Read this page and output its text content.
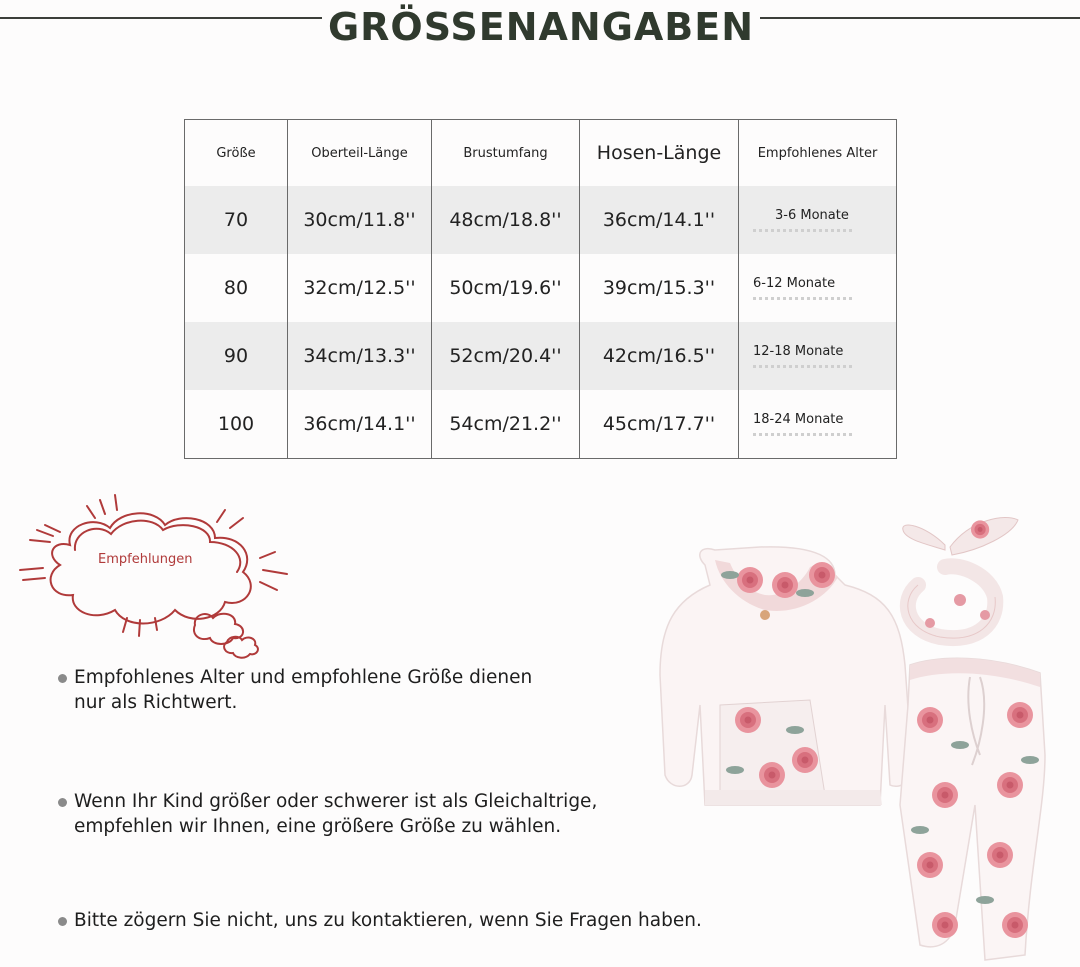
GRÖSSENANGABEN
Größe	Oberteil-Länge	Brustumfang	Hosen-Länge	Empfohlenes Alter
70	30cm/11.8''	48cm/18.8''	36cm/14.1''	3-6 Monate

80	32cm/12.5''	50cm/19.6''	39cm/15.3''	6-12 Monate

90	34cm/13.3''	52cm/20.4''	42cm/16.5''	12-18 Monate

100	36cm/14.1''	54cm/21.2''	45cm/17.7''	18-24 Monate
Empfehlungen
Empfohlenes Alter und empfohlene Größe dienen
nur als Richtwert.
Wenn Ihr Kind größer oder schwerer ist als Gleichaltrige,
empfehlen wir Ihnen, eine größere Größe zu wählen.
Bitte zögern Sie nicht, uns zu kontaktieren, wenn Sie Fragen haben.
